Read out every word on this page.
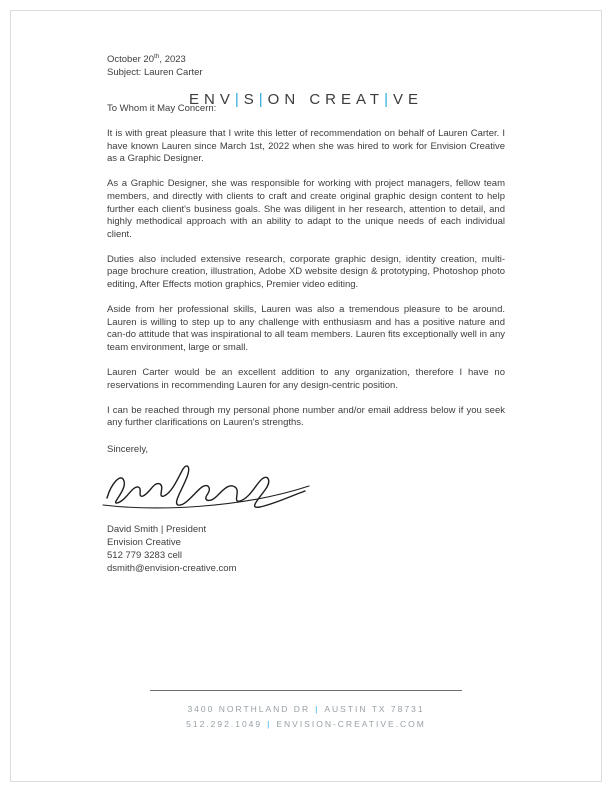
ENV|S|ON CREAT|VE
October 20th, 2023
Subject: Lauren Carter
To Whom it May Concern:

It is with great pleasure that I write this letter of recommendation on behalf of Lauren Carter. I have known Lauren since March 1st, 2022 when she was hired to work for Envision Creative as a Graphic Designer.

As a Graphic Designer, she was responsible for working with project managers, fellow team members, and directly with clients to craft and create original graphic design content to help further each client's business goals. She was diligent in her research, attention to detail, and highly methodical approach with an ability to adapt to the unique needs of each individual client.

Duties also included extensive research, corporate graphic design, identity creation, multi-page brochure creation, illustration, Adobe XD website design & prototyping, Photoshop photo editing, After Effects motion graphics, Premier video editing.

Aside from her professional skills, Lauren was also a tremendous pleasure to be around. Lauren is willing to step up to any challenge with enthusiasm and has a positive nature and can-do attitude that was inspirational to all team members. Lauren fits exceptionally well in any team environment, large or small.

Lauren Carter would be an excellent addition to any organization, therefore I have no reservations in recommending Lauren for any design-centric position.

I can be reached through my personal phone number and/or email address below if you seek any further clarifications on Lauren's strengths.

Sincerely,
David Smith | President
Envision Creative
512 779 3283 cell
dsmith@envision-creative.com
3400 NORTHLAND DR | AUSTIN TX 78731
512.292.1049 | ENVISION-CREATIVE.COM
